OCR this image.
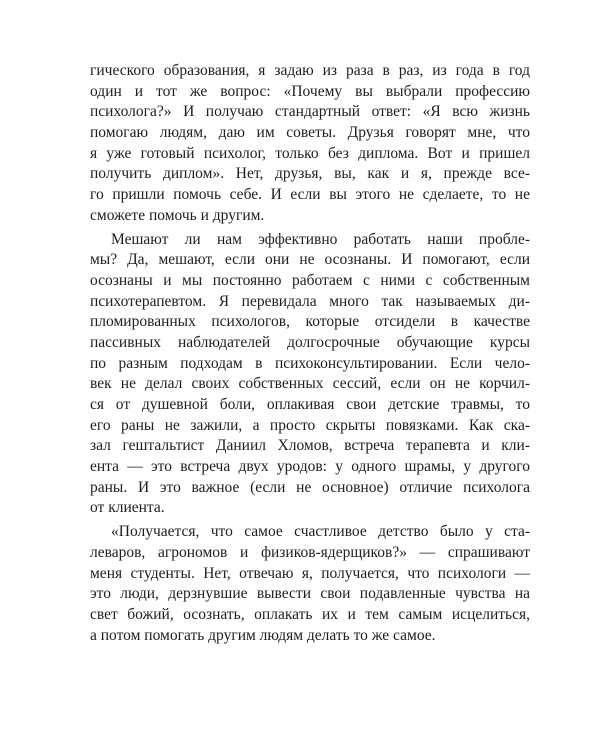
гического образования, я задаю из раза в раз, из года в год
один и тот же вопрос: «Почему вы выбрали профессию
психолога?» И получаю стандартный ответ: «Я всю жизнь
помогаю людям, даю им советы. Друзья говорят мне, что
я уже готовый психолог, только без диплома. Вот и пришел
получить диплом». Нет, друзья, вы, как и я, прежде все-
го пришли помочь себе. И если вы этого не сделаете, то не
сможете помочь и другим.

Мешают ли нам эффективно работать наши пробле-
мы? Да, мешают, если они не осознаны. И помогают, если
осознаны и мы постоянно работаем с ними с собственным
психотерапевтом. Я перевидала много так называемых ди-
пломированных психологов, которые отсидели в качестве
пассивных наблюдателей долгосрочные обучающие курсы
по разным подходам в психоконсультировании. Если чело-
век не делал своих собственных сессий, если он не корчил-
ся от душевной боли, оплакивая свои детские травмы, то
его раны не зажили, а просто скрыты повязками. Как ска-
зал гештальтист Даниил Хломов, встреча терапевта и кли-
ента — это встреча двух уродов: у одного шрамы, у другого
раны. И это важное (если не основное) отличие психолога
от клиента.

«Получается, что самое счастливое детство было у ста-
леваров, агрономов и физиков-ядерщиков?» — спрашивают
меня студенты. Нет, отвечаю я, получается, что психологи —
это люди, дерзнувшие вывести свои подавленные чувства на
свет божий, осознать, оплакать их и тем самым исцелиться,
а потом помогать другим людям делать то же самое.
